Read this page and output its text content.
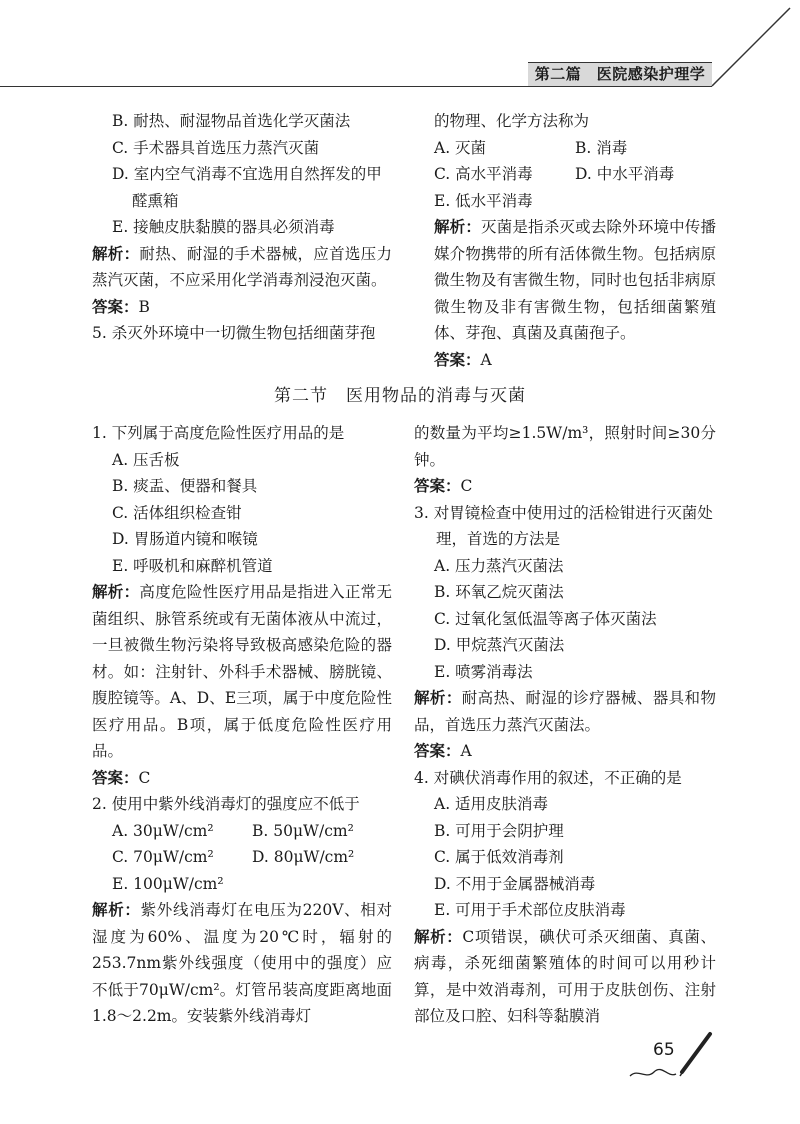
第二篇　医院感染护理学

B. 耐热、耐湿物品首选化学灭菌法

C. 手术器具首选压力蒸汽灭菌

D. 室内空气消毒不宜选用自然挥发的甲醛熏箱

E. 接触皮肤黏膜的器具必须消毒

解析：耐热、耐湿的手术器械，应首选压力蒸汽灭菌，不应采用化学消毒剂浸泡灭菌。

答案：B

5. 杀灭外环境中一切微生物包括细菌芽孢

的物理、化学方法称为

A. 灭菌	B. 消毒
C. 高水平消毒	D. 中水平消毒

E. 低水平消毒

解析：灭菌是指杀灭或去除外环境中传播媒介物携带的所有活体微生物。包括病原微生物及有害微生物，同时也包括非病原微生物及非有害微生物，包括细菌繁殖体、芽孢、真菌及真菌孢子。

答案：A

第二节　医用物品的消毒与灭菌

1. 下列属于高度危险性医疗用品的是

A. 压舌板

B. 痰盂、便器和餐具

C. 活体组织检查钳

D. 胃肠道内镜和喉镜

E. 呼吸机和麻醉机管道

解析：高度危险性医疗用品是指进入正常无菌组织、脉管系统或有无菌体液从中流过，一旦被微生物污染将导致极高感染危险的器材。如：注射针、外科手术器械、膀胱镜、腹腔镜等。A、D、E三项，属于中度危险性医疗用品。B项，属于低度危险性医疗用品。

答案：C

2. 使用中紫外线消毒灯的强度应不低于

A. 30μW/cm²	B. 50μW/cm²
C. 70μW/cm²	D. 80μW/cm²

E. 100μW/cm²

解析：紫外线消毒灯在电压为220V、相对湿度为60%、温度为20℃时，辐射的253.7nm紫外线强度（使用中的强度）应不低于70μW/cm²。灯管吊装高度距离地面1.8～2.2m。安装紫外线消毒灯

的数量为平均≥1.5W/m³，照射时间≥30分钟。

答案：C

3. 对胃镜检查中使用过的活检钳进行灭菌处理，首选的方法是

A. 压力蒸汽灭菌法

B. 环氧乙烷灭菌法

C. 过氧化氢低温等离子体灭菌法

D. 甲烷蒸汽灭菌法

E. 喷雾消毒法

解析：耐高热、耐湿的诊疗器械、器具和物品，首选压力蒸汽灭菌法。

答案：A

4. 对碘伏消毒作用的叙述，不正确的是

A. 适用皮肤消毒

B. 可用于会阴护理

C. 属于低效消毒剂

D. 不用于金属器械消毒

E. 可用于手术部位皮肤消毒

解析：C项错误，碘伏可杀灭细菌、真菌、病毒，杀死细菌繁殖体的时间可以用秒计算，是中效消毒剂，可用于皮肤创伤、注射部位及口腔、妇科等黏膜消

65
